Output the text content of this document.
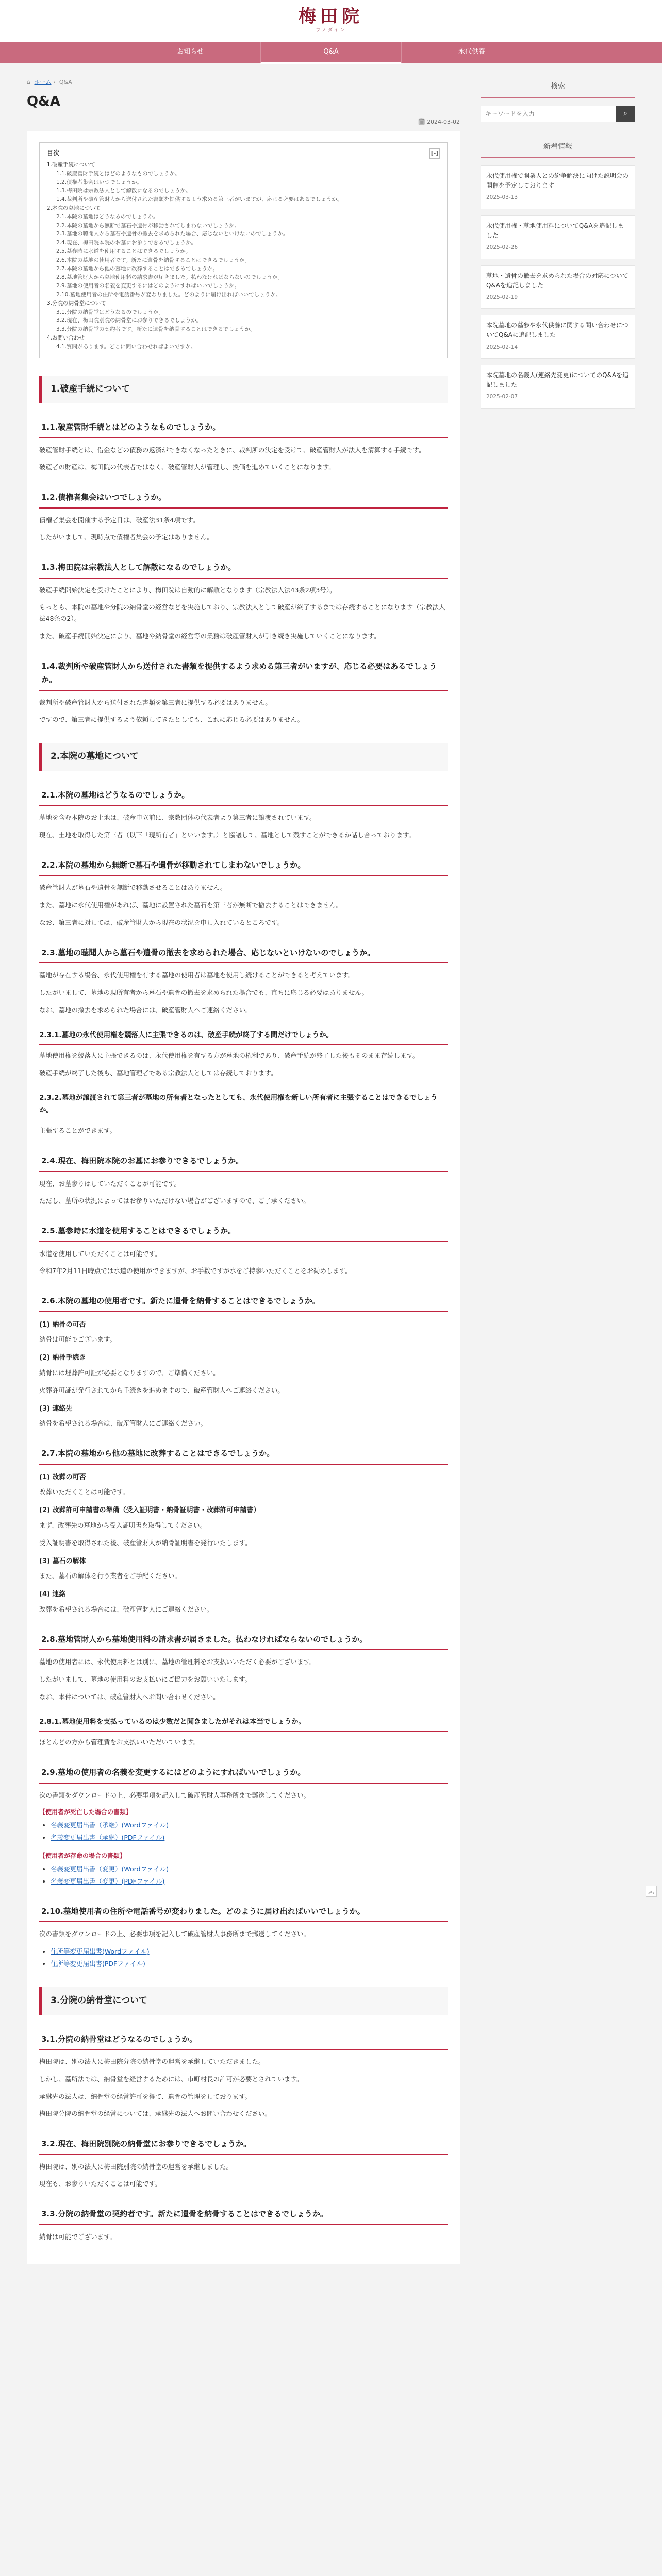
梅田院
ウメダイン
お知らせ	Q&A	永代供養
⌂ ホーム › Q&A
Q&A
🗓 2024-03-02
目次	[-]
1.破産手続について
1.1.破産管財手続とはどのようなものでしょうか。
1.2.債権者集会はいつでしょうか。
1.3.梅田院は宗教法人として解散になるのでしょうか。
1.4.裁判所や破産管財人から送付された書類を提供するよう求める第三者がいますが、応じる必要はあるでしょうか。
2.本院の墓地について
2.1.本院の墓地はどうなるのでしょうか。
2.2.本院の墓地から無断で墓石や遺骨が移動されてしまわないでしょうか。
2.3.墓地の聴聞人から墓石や遺骨の撤去を求められた場合、応じないといけないのでしょうか。
2.4.現在、梅田院本院のお墓にお参りできるでしょうか。
2.5.墓参時に水道を使用することはできるでしょうか。
2.6.本院の墓地の使用者です。新たに遺骨を納骨することはできるでしょうか。
2.7.本院の墓地から他の墓地に改葬することはできるでしょうか。
2.8.墓地管財人から墓地使用料の請求書が届きました。払わなければならないのでしょうか。
2.9.墓地の使用者の名義を変更するにはどのようにすればいいでしょうか。
2.10.墓地使用者の住所や電話番号が変わりました。どのように届け出ればいいでしょうか。
3.分院の納骨堂について
3.1.分院の納骨堂はどうなるのでしょうか。
3.2.現在、梅田院別院の納骨堂にお参りできるでしょうか。
3.3.分院の納骨堂の契約者です。新たに遺骨を納骨することはできるでしょうか。
4.お問い合わせ
4.1.質問があります。どこに問い合わせればよいですか。
1.破産手続について
1.1.破産管財手続とはどのようなものでしょうか。

破産管財手続とは、借金などの債務の返済ができなくなったときに、裁判所の決定を受けて、破産管財人が法人を清算する手続です。

破産者の財産は、梅田院の代表者ではなく、破産管財人が管理し、換価を進めていくことになります。

1.2.債権者集会はいつでしょうか。

債権者集会を開催する予定日は、破産法31条4項です。

したがいまして、現時点で債権者集会の予定はありません。

1.3.梅田院は宗教法人として解散になるのでしょうか。

破産手続開始決定を受けたことにより、梅田院は自動的に解散となります（宗教法人法43条2項3号）。

もっとも、本院の墓地や分院の納骨堂の経営などを実施しており、宗教法人として破産が終了するまでは存続することになります（宗教法人法48条の2）。

また、破産手続開始決定により、墓地や納骨堂の経営等の業務は破産管財人が引き続き実施していくことになります。

1.4.裁判所や破産管財人から送付された書類を提供するよう求める第三者がいますが、応じる必要はあるでしょうか。

裁判所や破産管財人から送付された書類を第三者に提供する必要はありません。

ですので、第三者に提供するよう依頼してきたとしても、これに応じる必要はありません。

2.本院の墓地について
2.1.本院の墓地はどうなるのでしょうか。

墓地を含む本院のお土地は、破産申立前に、宗教団体の代表者より第三者に譲渡されています。

現在、土地を取得した第三者（以下「現所有者」といいます。）と協議して、墓地として残すことができるか話し合っております。

2.2.本院の墓地から無断で墓石や遺骨が移動されてしまわないでしょうか。

破産管財人が墓石や遺骨を無断で移動させることはありません。

また、墓地に永代使用権があれば、墓地に設置された墓石を第三者が無断で撤去することはできません。

なお、第三者に対しては、破産管財人から現在の状況を申し入れているところです。

2.3.墓地の聴聞人から墓石や遺骨の撤去を求められた場合、応じないといけないのでしょうか。

墓地が存在する場合、永代使用権を有する墓地の使用者は墓地を使用し続けることができると考えています。

したがいまして、墓地の現所有者から墓石や遺骨の撤去を求められた場合でも、直ちに応じる必要はありません。

なお、墓地の撤去を求められた場合には、破産管財人へご連絡ください。

2.3.1.墓地の永代使用権を競落人に主張できるのは、破産手続が終了する間だけでしょうか。

墓地使用権を競落人に主張できるのは、永代使用権を有する方が墓地の権利であり、破産手続が終了した後もそのまま存続します。

破産手続が終了した後も、墓地管理者である宗教法人としては存続しております。

2.3.2.墓地が譲渡されて第三者が墓地の所有者となったとしても、永代使用権を新しい所有者に主張することはできるでしょうか。

主張することができます。

2.4.現在、梅田院本院のお墓にお参りできるでしょうか。

現在、お墓参りはしていただくことが可能です。

ただし、墓所の状況によってはお参りいただけない場合がございますので、ご了承ください。

2.5.墓参時に水道を使用することはできるでしょうか。

水道を使用していただくことは可能です。

令和7年2月11日時点では水道の使用ができますが、お手数ですが水をご持参いただくことをお勧めします。

2.6.本院の墓地の使用者です。新たに遺骨を納骨することはできるでしょうか。
(1) 納骨の可否

納骨は可能でございます。

(2) 納骨手続き

納骨には埋葬許可証が必要となりますので、ご準備ください。

火葬許可証が発行されてから手続きを進めますので、破産管財人へご連絡ください。

(3) 連絡先

納骨を希望される場合は、破産管財人にご連絡ください。

2.7.本院の墓地から他の墓地に改葬することはできるでしょうか。
(1) 改葬の可否

改葬いただくことは可能です。

(2) 改葬許可申請書の準備（受入証明書・納骨証明書・改葬許可申請書）

まず、改葬先の墓地から受入証明書を取得してください。

受入証明書を取得された後、破産管財人が納骨証明書を発行いたします。

(3) 墓石の解体

また、墓石の解体を行う業者をご手配ください。

(4) 連絡

改葬を希望される場合には、破産管財人にご連絡ください。

2.8.墓地管財人から墓地使用料の請求書が届きました。払わなければならないのでしょうか。

墓地の使用者には、永代使用料とは別に、墓地の管理料をお支払いいただく必要がございます。

したがいまして、墓地の使用料のお支払いにご協力をお願いいたします。

なお、本件については、破産管財人へお問い合わせください。

2.8.1.墓地使用料を支払っているのは少数だと聞きましたがそれは本当でしょうか。

ほとんどの方から管理費をお支払いいただいています。

2.9.墓地の使用者の名義を変更するにはどのようにすればいいでしょうか。

次の書類をダウンロードの上、必要事項を記入して破産管財人事務所まで郵送してください。

【使用者が死亡した場合の書類】
• 名義変更届出書（承継）(Wordファイル)
• 名義変更届出書（承継）(PDFファイル)
【使用者が存命の場合の書類】
• 名義変更届出書（変更）(Wordファイル)
• 名義変更届出書（変更）(PDFファイル)
2.10.墓地使用者の住所や電話番号が変わりました。どのように届け出ればいいでしょうか。

次の書類をダウンロードの上、必要事項を記入して破産管財人事務所まで郵送してください。

• 住所等変更届出書(Wordファイル)
• 住所等変更届出書(PDFファイル)
3.分院の納骨堂について
3.1.分院の納骨堂はどうなるのでしょうか。

梅田院は、別の法人に梅田院分院の納骨堂の運営を承継していただきました。

しかし、墓所法では、納骨堂を経営するためには、市町村長の許可が必要とされています。

承継先の法人は、納骨堂の経営許可を得て、遺骨の管理をしております。

梅田院分院の納骨堂の経営については、承継先の法人へお問い合わせください。

3.2.現在、梅田院別院の納骨堂にお参りできるでしょうか。

梅田院は、別の法人に梅田院別院の納骨堂の運営を承継しました。

現在も、お参りいただくことは可能です。

3.3.分院の納骨堂の契約者です。新たに遺骨を納骨することはできるでしょうか。

納骨は可能でございます。

検索
キーワードを入力
⌕
新着情報
永代使用権で開業人との紛争解決に向けた説明会の開催を予定しております
2025-03-13
永代使用権・墓地使用料についてQ&Aを追記しました
2025-02-26
墓地・遺骨の撤去を求められた場合の対応についてQ&Aを追記しました
2025-02-19
本院墓地の墓参や永代供養に関する問い合わせについてQ&Aに追記しました
2025-02-14
本院墓地の名義人(連絡先変更)についてのQ&Aを追記しました
2025-02-07
︽
